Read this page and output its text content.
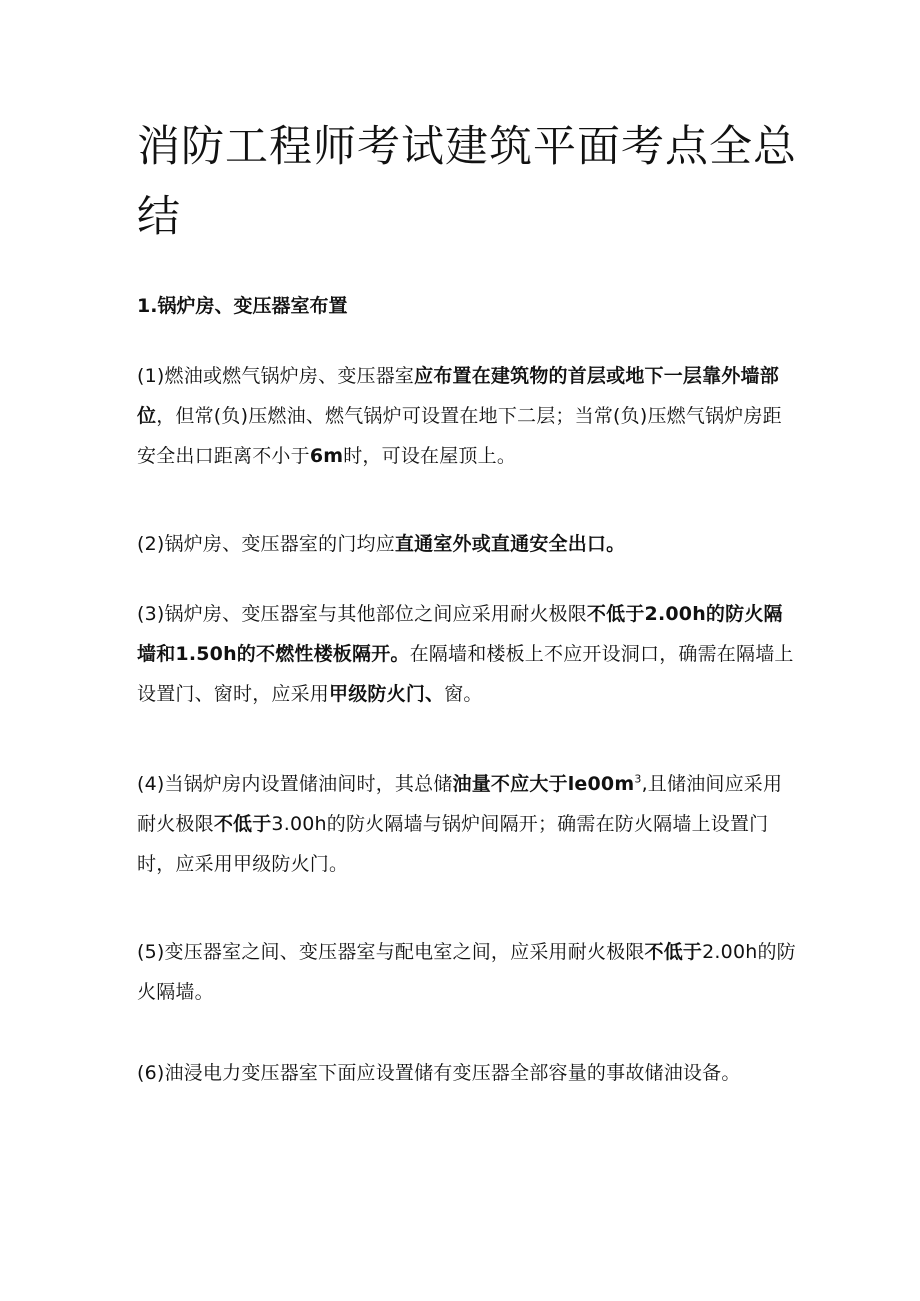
消防工程师考试建筑平面考点全总结
1.锅炉房、变压器室布置

(1)燃油或燃气锅炉房、变压器室应布置在建筑物的首层或地下一层靠外墙部位，但常(负)压燃油、燃气锅炉可设置在地下二层；当常(负)压燃气锅炉房距安全出口距离不小于6m时，可设在屋顶上。

(2)锅炉房、变压器室的门均应直通室外或直通安全出口。

(3)锅炉房、变压器室与其他部位之间应采用耐火极限不低于2.00h的防火隔墙和1.50h的不燃性楼板隔开。在隔墙和楼板上不应开设洞口，确需在隔墙上设置门、窗时，应采用甲级防火门、窗。

(4)当锅炉房内设置储油间时，其总储油量不应大于$le00m^3$,且储油间应采用耐火极限不低于3.00h的防火隔墙与锅炉间隔开；确需在防火隔墙上设置门时，应采用甲级防火门。

(5)变压器室之间、变压器室与配电室之间，应采用耐火极限不低于2.00h的防火隔墙。

(6)油浸电力变压器室下面应设置储有变压器全部容量的事故储油设备。
